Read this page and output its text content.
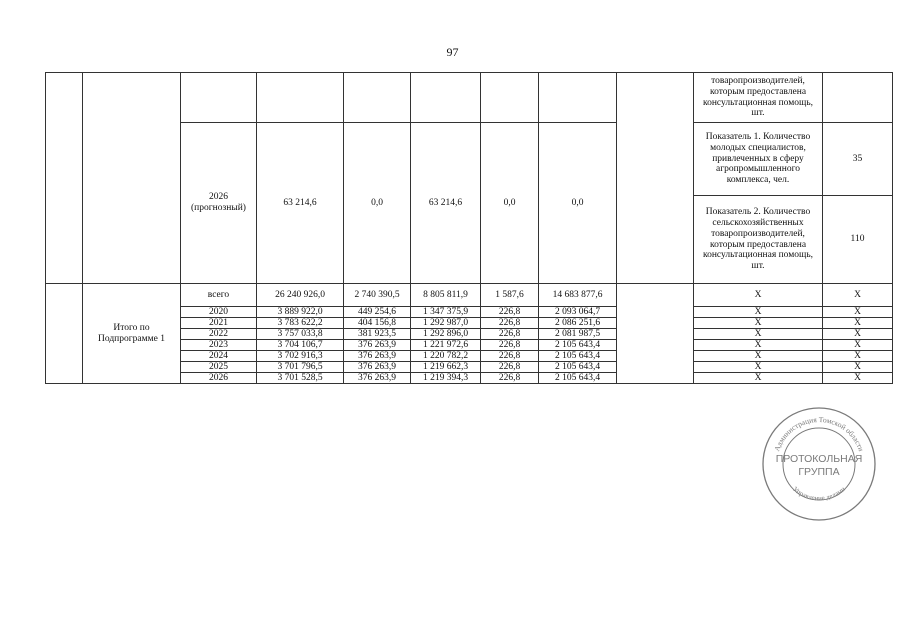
97
									товаропроизводителей, которым предоставлена консультационная помощь, шт.	
		2026 (прогнозный)	63 214,6	0,0	63 214,6	0,0	0,0		Показатель 1. Количество молодых специалистов, привлеченных в сферу агропромышленного комплекса, чел.	35
									Показатель 2. Количество сельскохозяйственных товаропроизводителей, которым предоставлена консультационная помощь, шт.	110
	Итого по Подпрограмме 1	всего	26 240 926,0	2 740 390,5	8 805 811,9	1 587,6	14 683 877,6		X	X
		2020	3 889 922,0	449 254,6	1 347 375,9	226,8	2 093 064,7		X	X
		2021	3 783 622,2	404 156,8	1 292 987,0	226,8	2 086 251,6		X	X
		2022	3 757 033,8	381 923,5	1 292 896,0	226,8	2 081 987,5		X	X
		2023	3 704 106,7	376 263,9	1 221 972,6	226,8	2 105 643,4		X	X
		2024	3 702 916,3	376 263,9	1 220 782,2	226,8	2 105 643,4		X	X
		2025	3 701 796,5	376 263,9	1 219 662,3	226,8	2 105 643,4		X	X
		2026	3 701 528,5	376 263,9	1 219 394,3	226,8	2 105 643,4		X	X
Администрация Томской области
ПРОТОКОЛЬНАЯ
ГРУППА
Управление делами
